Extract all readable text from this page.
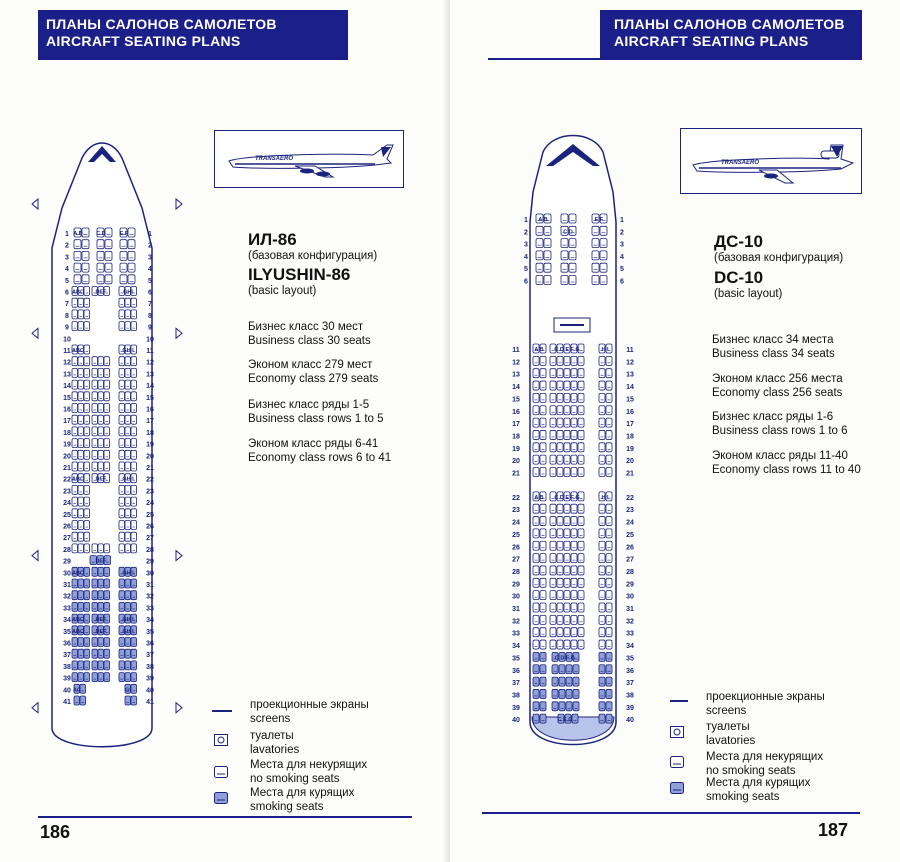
ПЛАНЫ САЛОНОВ САМОЛЕТОВ
AIRCRAFT SEATING PLANS
TRANSAERO
ИЛ-86
(базовая конфигурация)
ILYUSHIN-86
(basic layout)
Бизнес класс 30 мест
Business class 30 seats
Эконом класс 279 мест
Economy class 279 seats
Бизнес класс ряды 1-5
Business class rows 1 to 5
Эконом класс ряды 6-41
Economy class rows 6 to 41
1	1
2	2
3	3
4	4
5	5
6	6
7	7
8	8
9	9
10	10
11	11
12	12
13	13
14	14
15	15
16	16
17	17
18	18
19	19
20	20
21	21
22	22
23	23
24	24
25	25
26	26
27	27
28	28
29	29
30	30
31	31
32	32
33	33
34	34
35	35
36	36
37	37
38	38
39	39
40	40
41	41
A B C D	E F
ABC DEF	GHI
ABC	GH I
ABC DEF	GH I
DEF
ABC	GH I
ABC DEF	GH I
ABC DEF	GH I
AC	GI
186
ПЛАНЫ САЛОНОВ САМОЛЕТОВ
AIRCRAFT SEATING PLANS
TRANSAERO
ДС-10
(базовая конфигурация)
DC-10
(basic layout)
Бизнес класс 34 места
Business class 34 seats
Эконом класс 256 места
Economy class 256 seats
Бизнес класс ряды 1-6
Business class rows 1 to 6
Эконом класс ряды 11-40
Economy class rows 11 to 40
1	1
2	2
3	3
4	4
5	5
6	6
11	11
12	12
13	13
14	14
15	15
16	16
17	17
18	18
19	19
20	20
21	21
22	22
23	23
24	24
25	25
26	26
27	27
28	28
29	29
30	30
31	31
32	32
33	33
34	34
35	35
36	36
37	37
38	38
39	39
40	40
A B	E F
C D
A B C D E F G	H I
A B C D E F G	H I
C D F G
C E G
проекционные экраны
screens
туалеты
lavatories
Места для некурящих
no smoking seats
Места для курящих
smoking seats
проекционные экраны
screens
туалеты
lavatories
Места для некурящих
no smoking seats
Места для курящих
smoking seats
187
